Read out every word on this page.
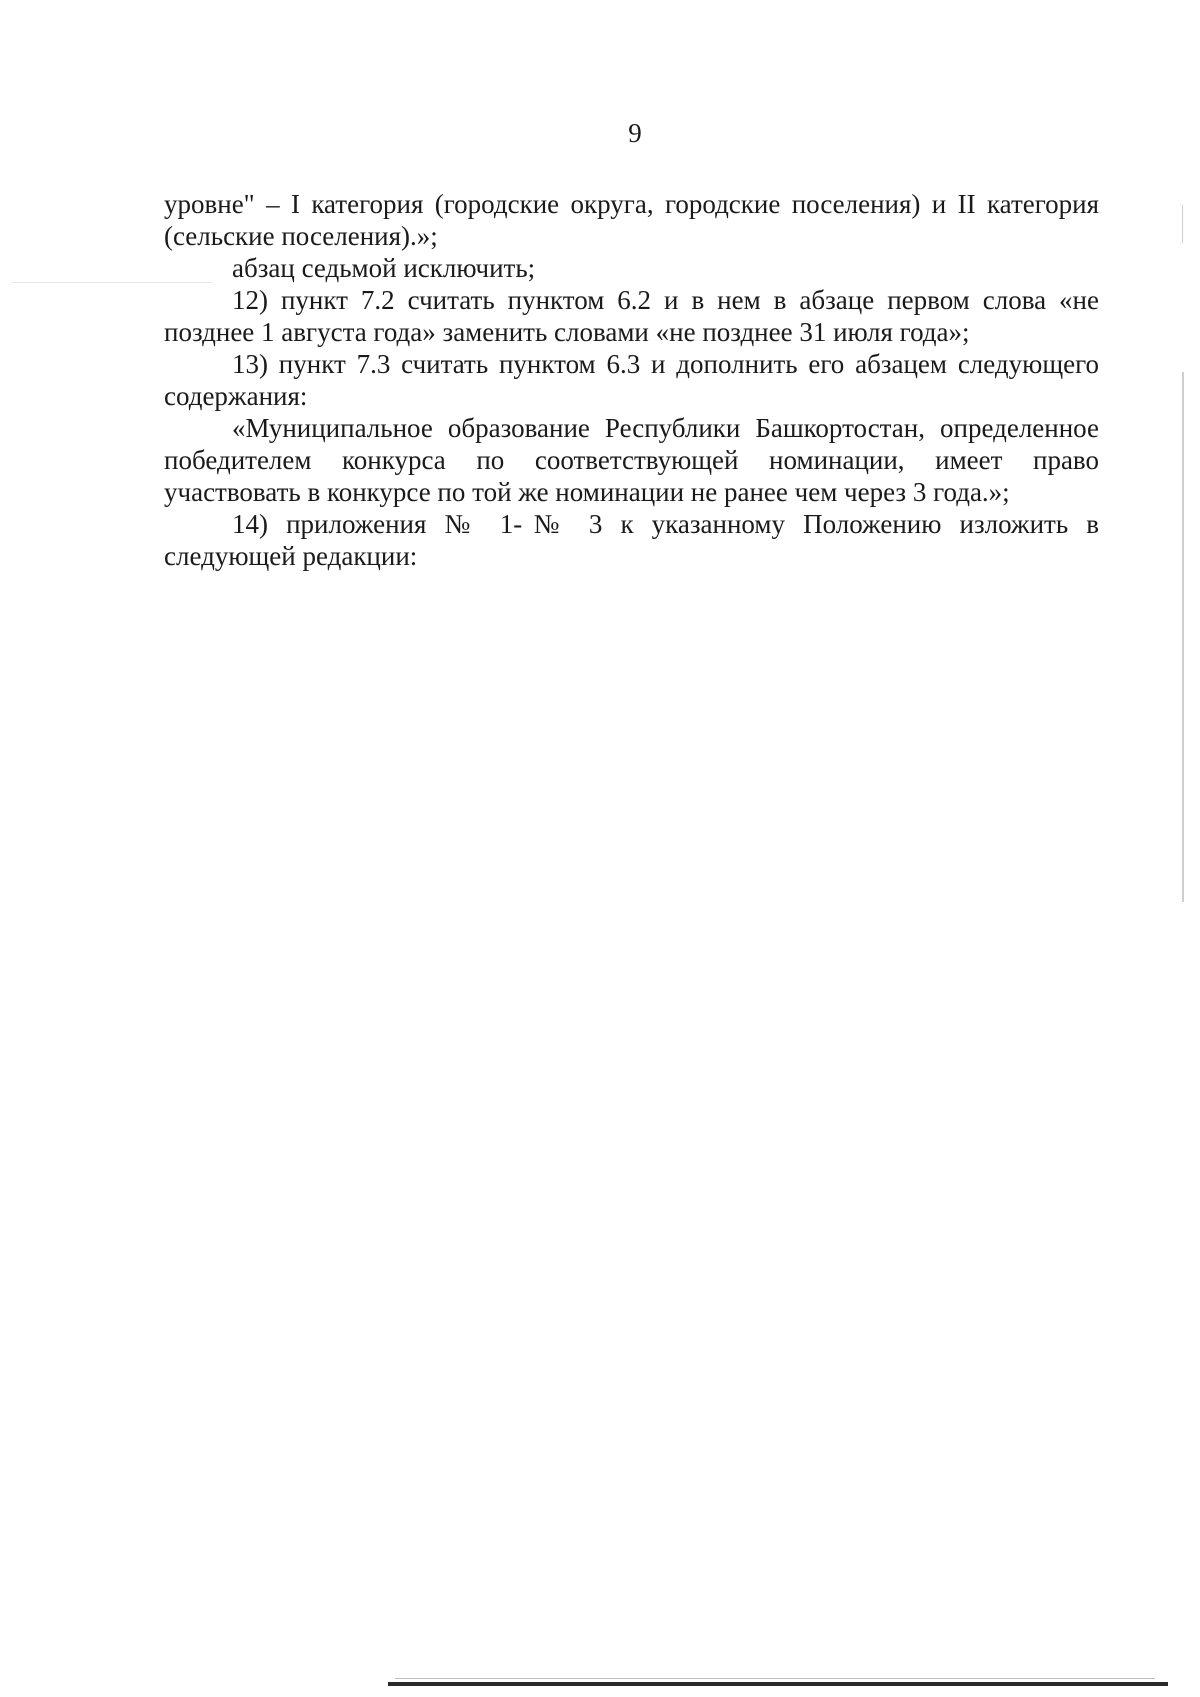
9

уровне" – I категория (городские округа, городские поселения) и II категория (сельские поселения).»;

абзац седьмой исключить;

12) пункт 7.2 считать пунктом 6.2 и в нем в абзаце первом слова «не позднее 1 августа года» заменить словами «не позднее 31 июля года»;

13) пункт 7.3 считать пунктом 6.3 и дополнить его абзацем следующего содержания:

«Муниципальное образование Республики Башкортостан, определенное победителем конкурса по соответствующей номинации, имеет право участвовать в конкурсе по той же номинации не ранее чем через 3 года.»;

14) приложения № 1-№ 3 к указанному Положению изложить в следующей редакции:
